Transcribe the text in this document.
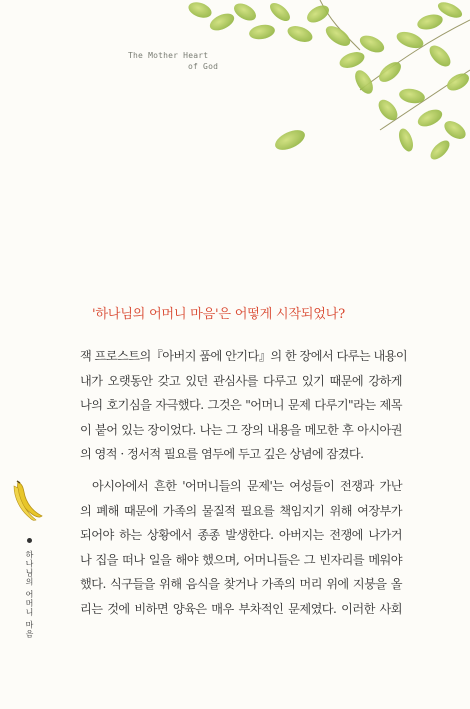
The Mother Heart
of God
'하나님의 어머니 마음'은 어떻게 시작되었나?

잭 프로스트의『아버지 품에 안기다』의 한 장에서 다루는 내용이
내가 오랫동안 갖고 있던 관심사를 다루고 있기 때문에 강하게
나의 호기심을 자극했다. 그것은 "어머니 문제 다루기"라는 제목
이 붙어 있는 장이었다. 나는 그 장의 내용을 메모한 후 아시아권
의 영적 · 정서적 필요를 염두에 두고 깊은 상념에 잠겼다.

아시아에서 흔한 '어머니들의 문제'는 여성들이 전쟁과 가난
의 폐해 때문에 가족의 물질적 필요를 책임지기 위해 여장부가
되어야 하는 상황에서 종종 발생한다. 아버지는 전쟁에 나가거
나 집을 떠나 일을 해야 했으며, 어머니들은 그 빈자리를 메워야
했다. 식구들을 위해 음식을 찾거나 가족의 머리 위에 지붕을 올
리는 것에 비하면 양육은 매우 부차적인 문제였다. 이러한 사회

하나님의 어머니 마음
